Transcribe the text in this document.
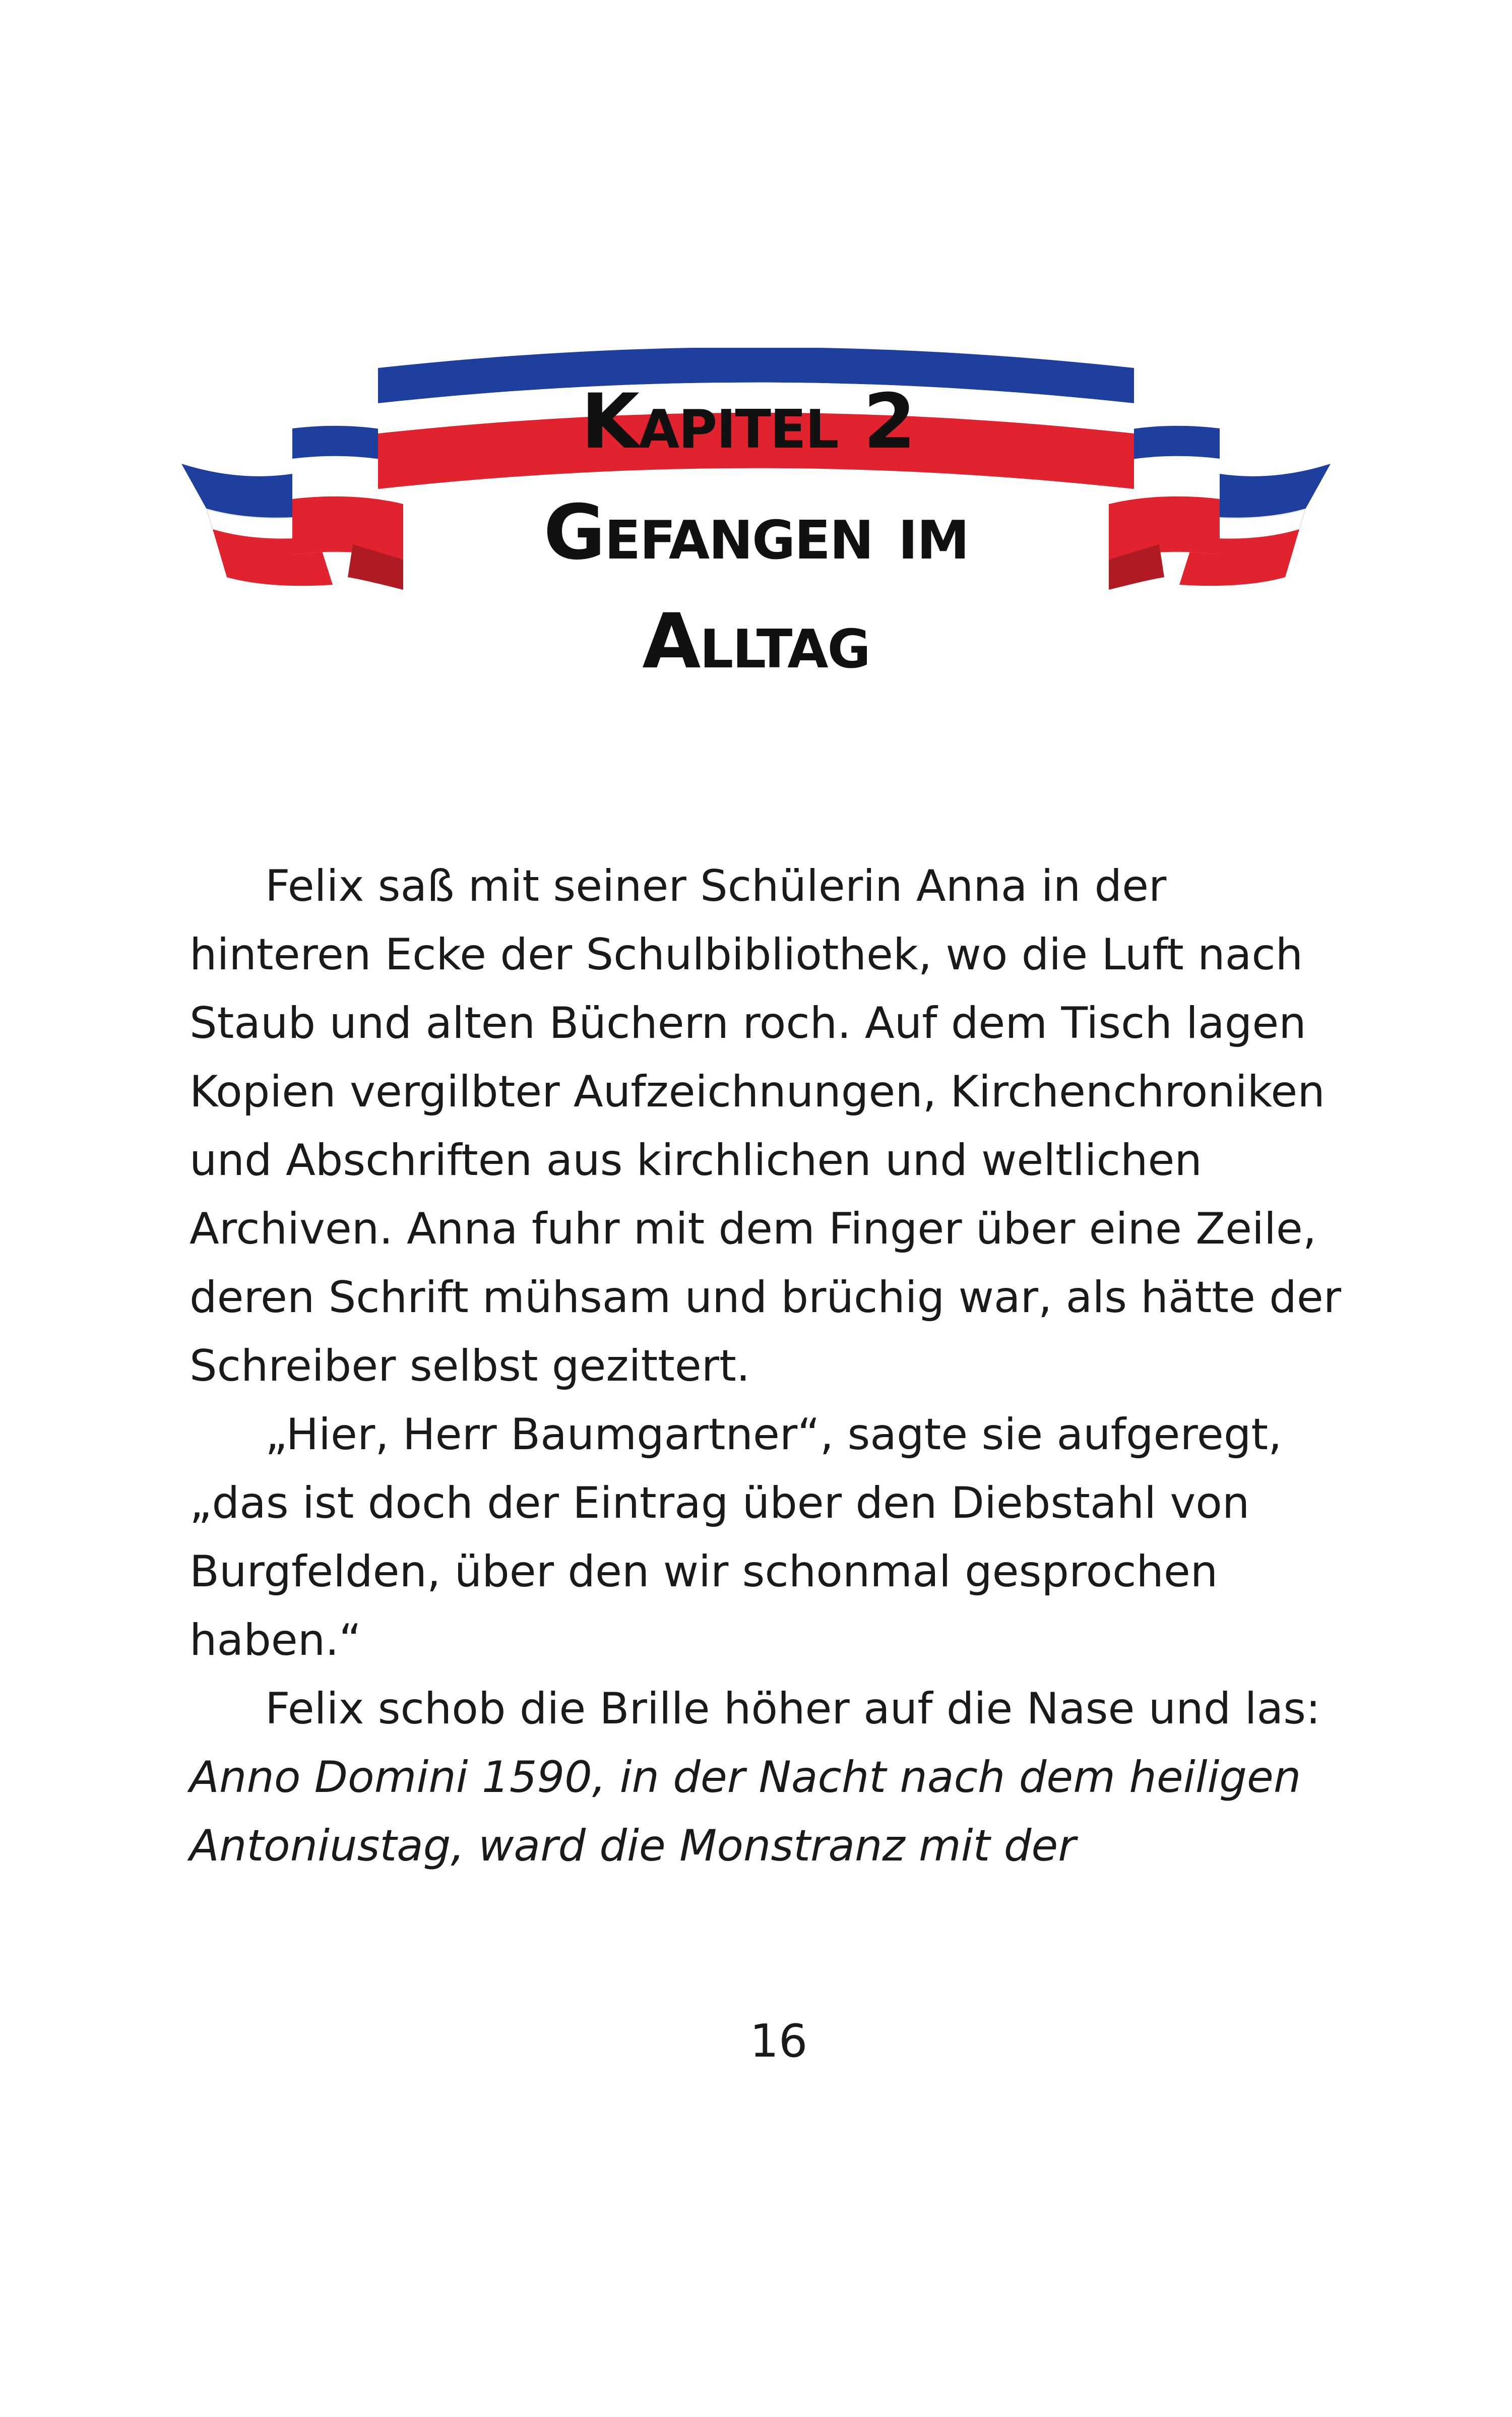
Kapitel 2
Gefangen im
Alltag
Felix saß mit seiner Schülerin Anna in der
hinteren Ecke der Schulbibliothek, wo die Luft nach
Staub und alten Büchern roch. Auf dem Tisch lagen
Kopien vergilbter Aufzeichnungen, Kirchenchroniken
und Abschriften aus kirchlichen und weltlichen
Archiven. Anna fuhr mit dem Finger über eine Zeile,
deren Schrift mühsam und brüchig war, als hätte der
Schreiber selbst gezittert.
„Hier, Herr Baumgartner“, sagte sie aufgeregt,
„das ist doch der Eintrag über den Diebstahl von
Burgfelden, über den wir schonmal gesprochen
haben.“
Felix schob die Brille höher auf die Nase und las:
Anno Domini 1590, in der Nacht nach dem heiligen
Antoniustag, ward die Monstranz mit der
16
